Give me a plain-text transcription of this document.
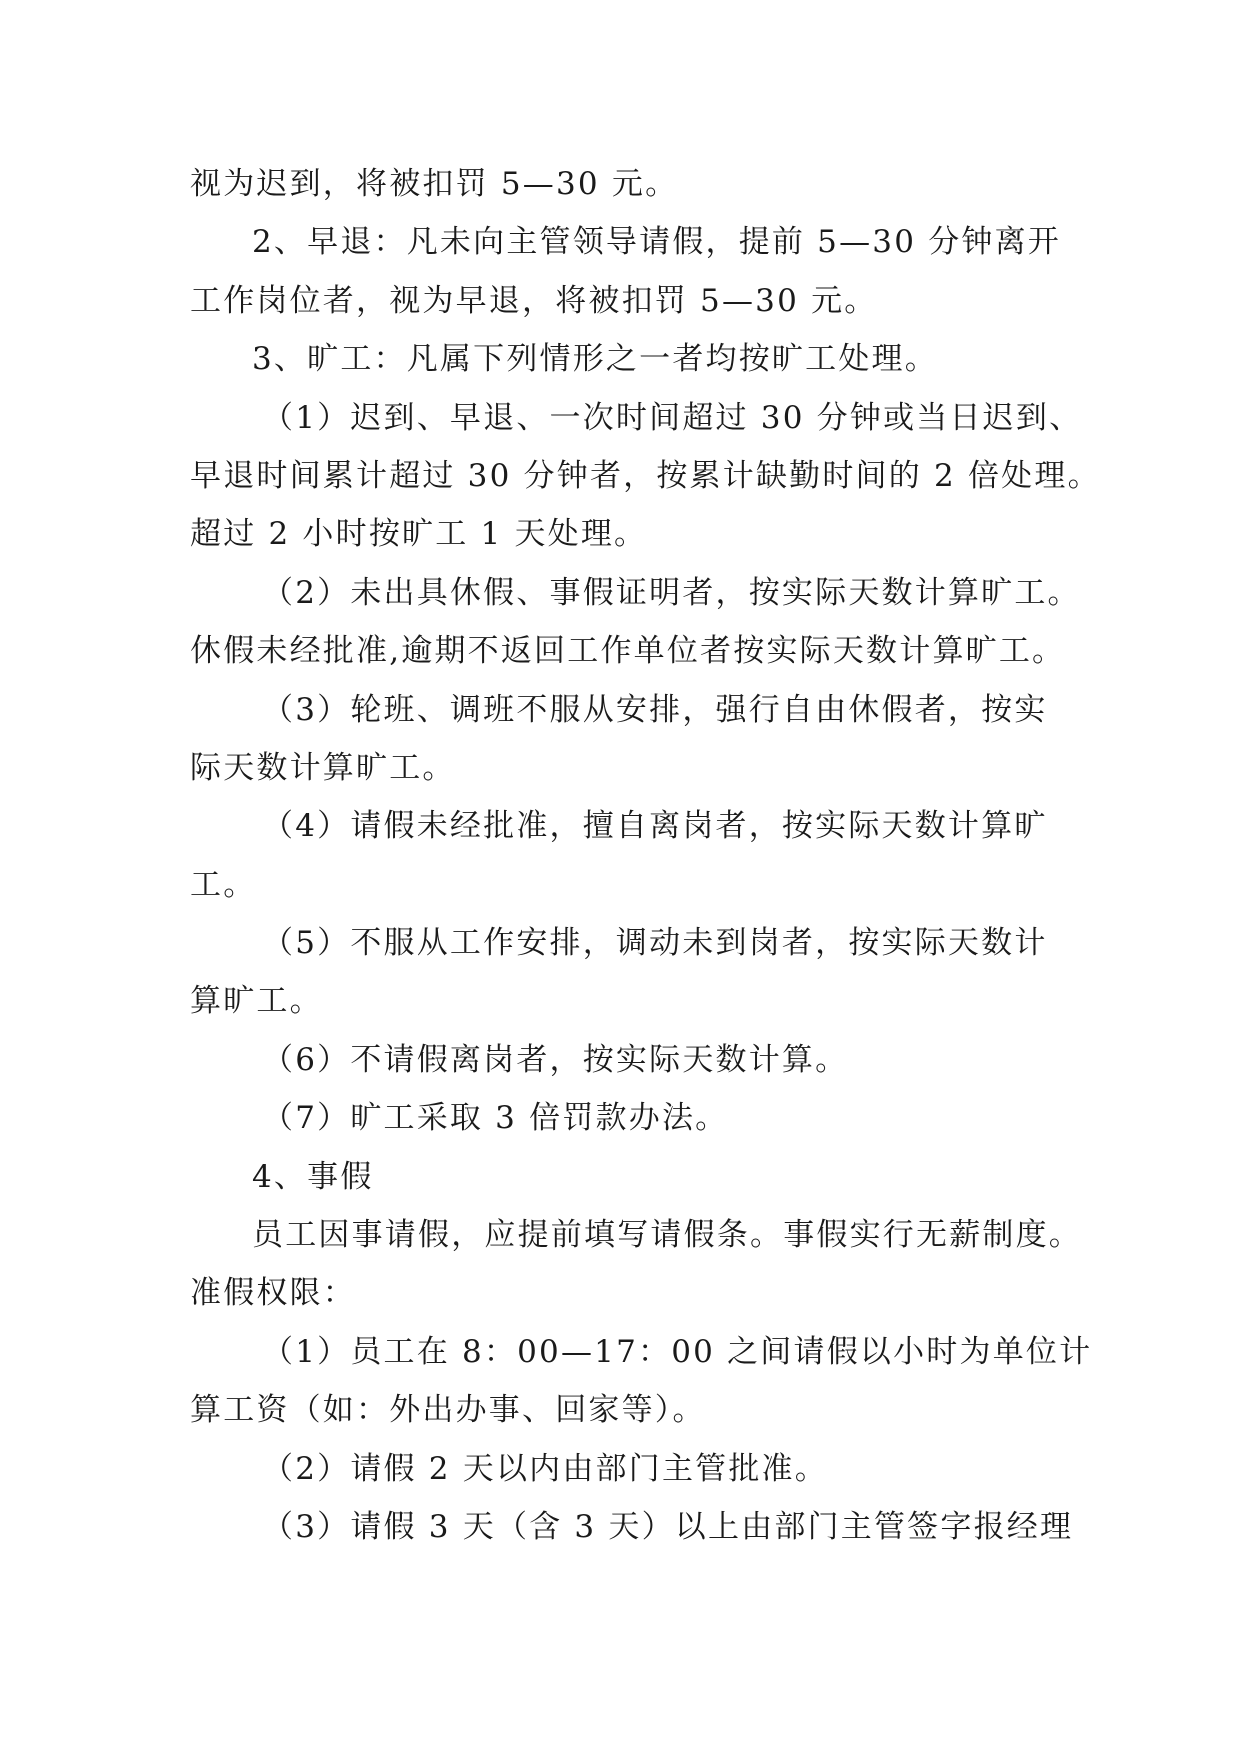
视为迟到，将被扣罚 5—30 元。
2、早退：凡未向主管领导请假，提前 5—30 分钟离开
工作岗位者，视为早退，将被扣罚 5—30 元。
3、旷工：凡属下列情形之一者均按旷工处理。
（1）迟到、早退、一次时间超过 30 分钟或当日迟到、
早退时间累计超过 30 分钟者，按累计缺勤时间的 2 倍处理。
超过 2 小时按旷工 1 天处理。
（2）未出具休假、事假证明者，按实际天数计算旷工。
休假未经批准,逾期不返回工作单位者按实际天数计算旷工。
（3）轮班、调班不服从安排，强行自由休假者，按实
际天数计算旷工。
（4）请假未经批准，擅自离岗者，按实际天数计算旷
工。
（5）不服从工作安排，调动未到岗者，按实际天数计
算旷工。
（6）不请假离岗者，按实际天数计算。
（7）旷工采取 3 倍罚款办法。
4、事假
员工因事请假，应提前填写请假条。事假实行无薪制度。
准假权限：
（1）员工在 8：00—17：00 之间请假以小时为单位计
算工资（如：外出办事、回家等）。
（2）请假 2 天以内由部门主管批准。
（3）请假 3 天（含 3 天）以上由部门主管签字报经理
